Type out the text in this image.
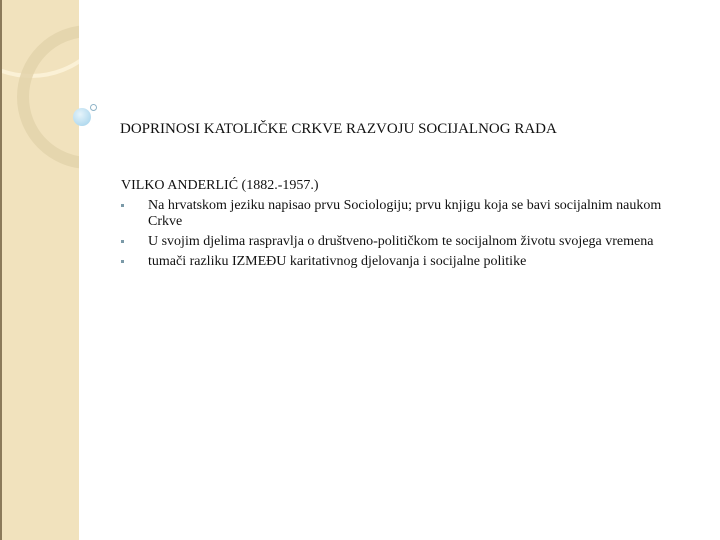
DOPRINOSI KATOLIČKE CRKVE RAZVOJU SOCIJALNOG RADA
VILKO ANDERLIĆ (1882.-1957.)
Na hrvatskom jeziku napisao prvu Sociologiju; prvu knjigu koja se bavi socijalnim naukom Crkve
U svojim djelima raspravlja o društveno-političkom te socijalnom životu svojega vremena
tumači razliku IZMEĐU karitativnog djelovanja i socijalne politike
